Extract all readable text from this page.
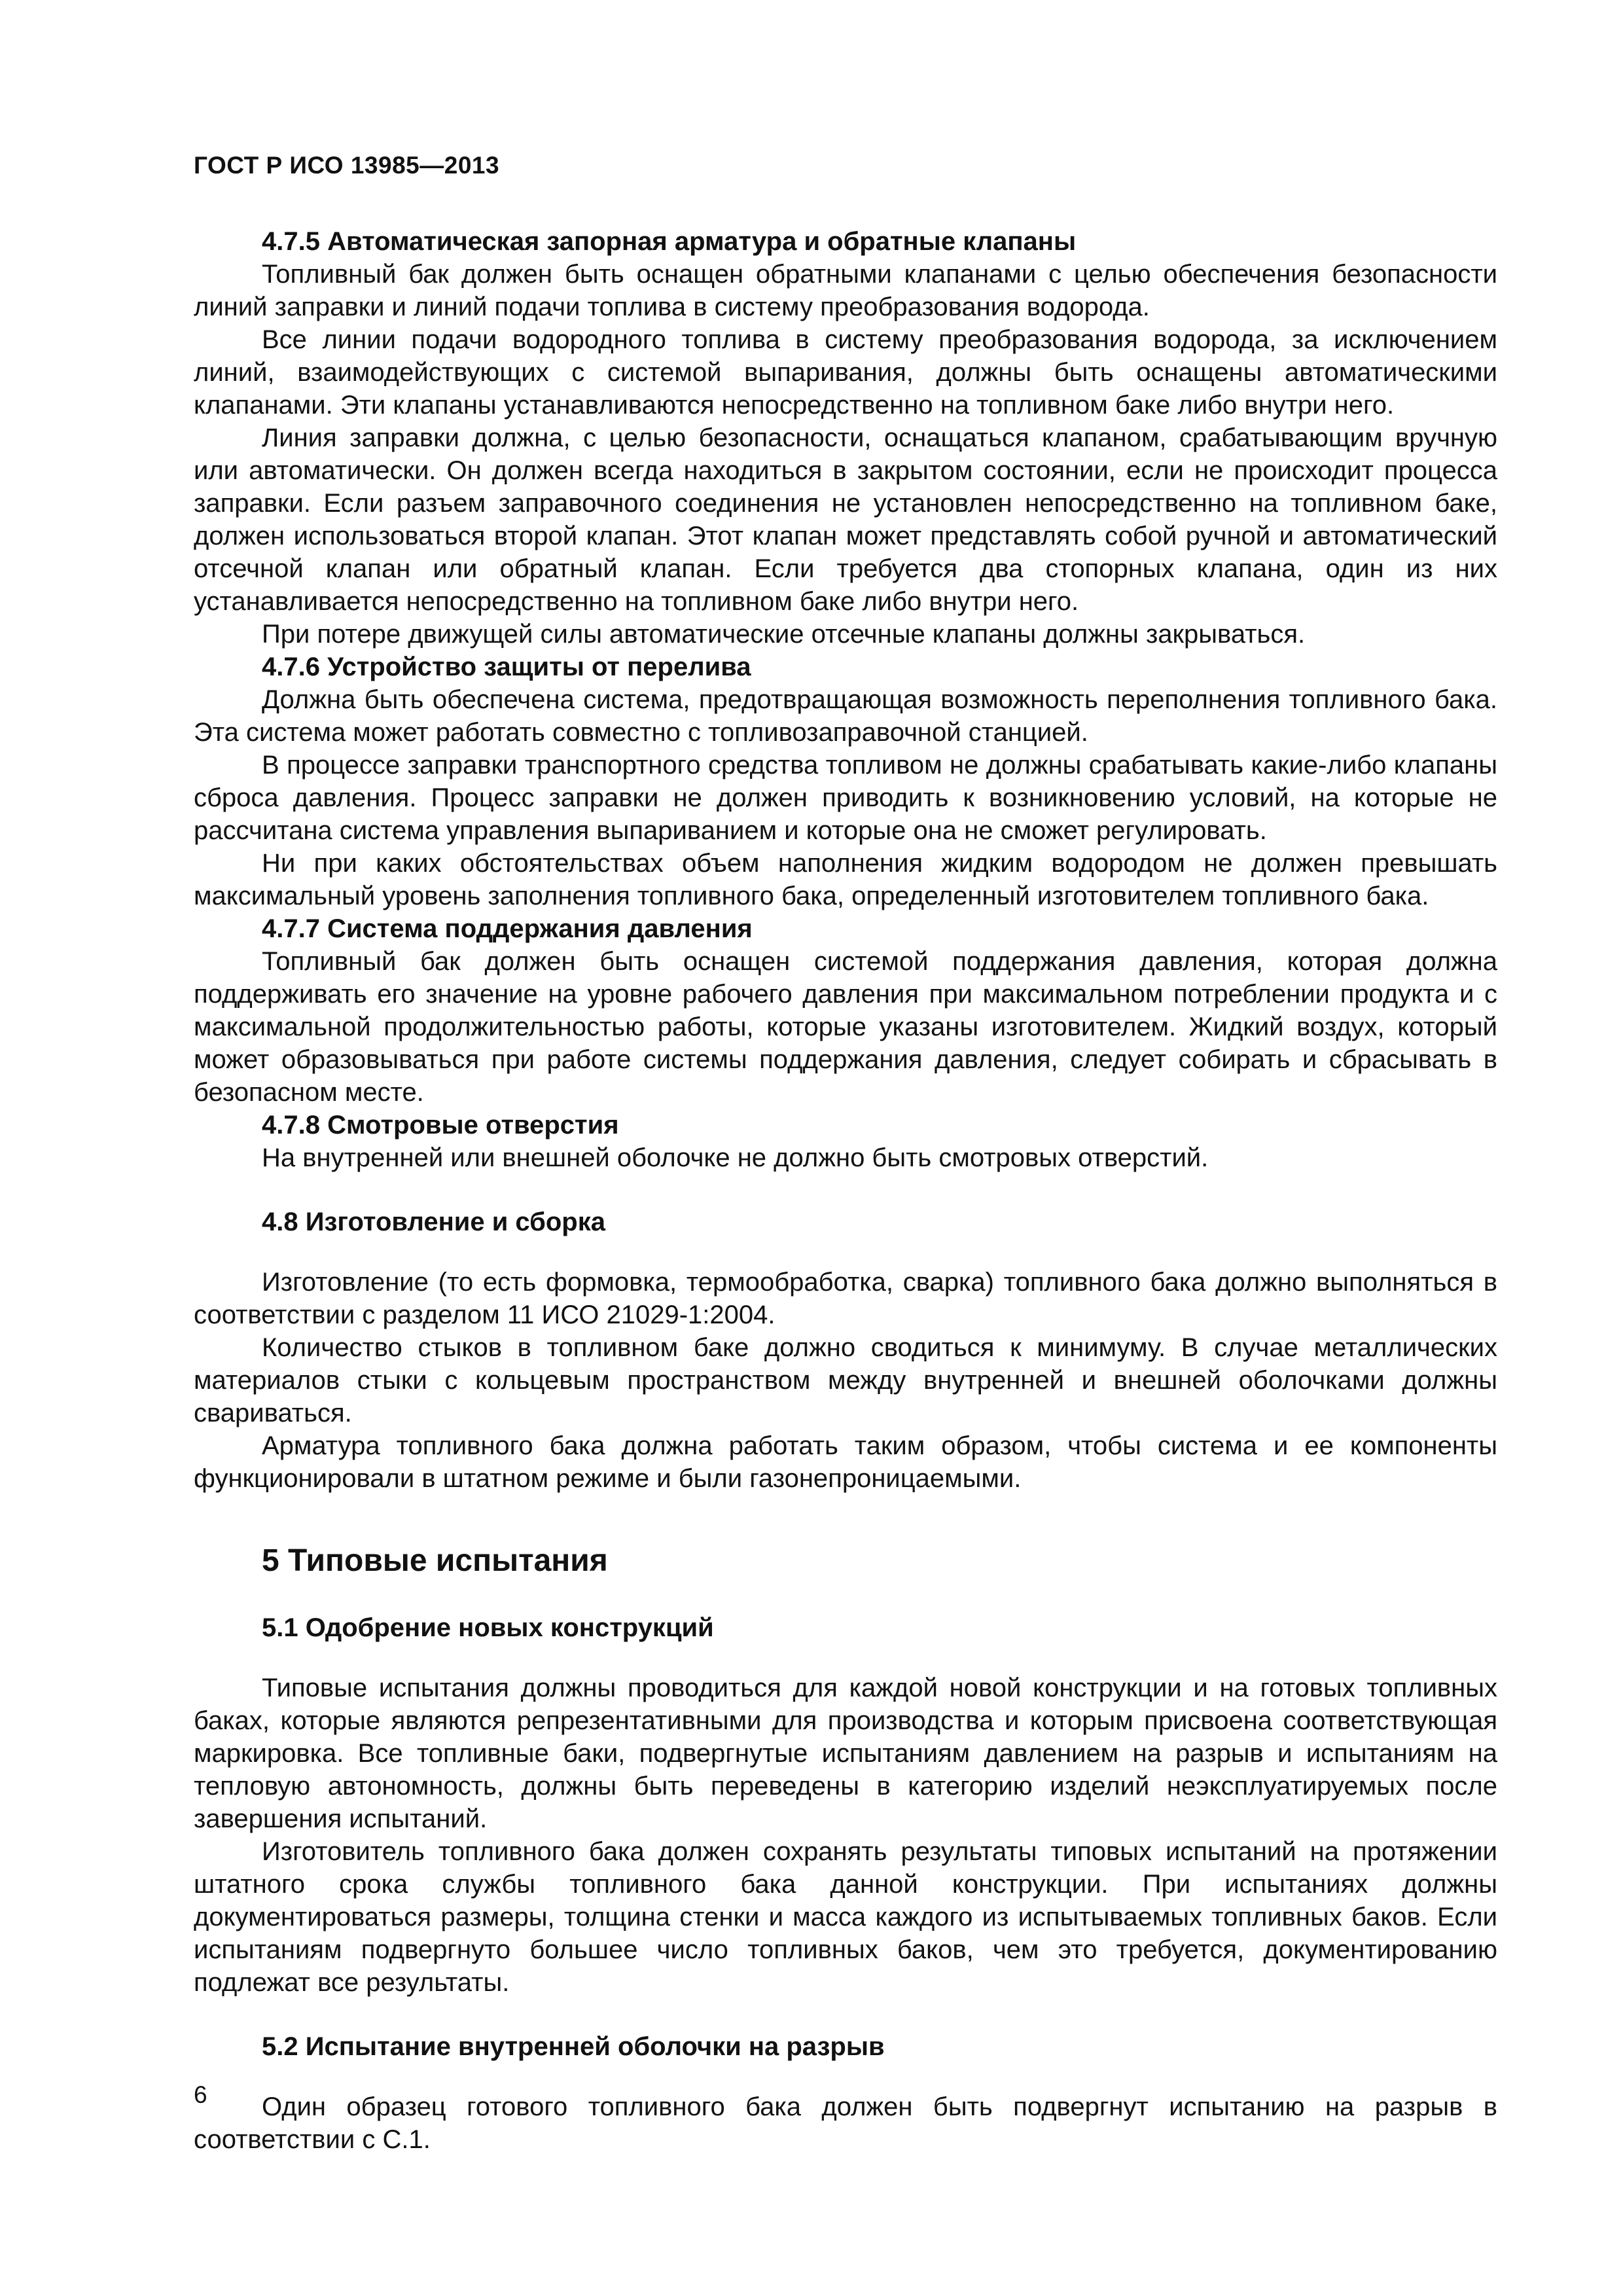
ГОСТ Р ИСО 13985—2013
4.7.5 Автоматическая запорная арматура и обратные клапаны

Топливный бак должен быть оснащен обратными клапанами с целью обеспечения безопасности линий заправки и линий подачи топлива в систему преобразования водорода.

Все линии подачи водородного топлива в систему преобразования водорода, за исключением линий, взаимодействующих с системой выпаривания, должны быть оснащены автоматическими клапанами. Эти клапаны устанавливаются непосредственно на топливном баке либо внутри него.

Линия заправки должна, с целью безопасности, оснащаться клапаном, срабатывающим вручную или автоматически. Он должен всегда находиться в закрытом состоянии, если не происходит процесса заправки. Если разъем заправочного соединения не установлен непосредственно на топливном баке, должен использоваться второй клапан. Этот клапан может представлять собой ручной и автоматический отсечной клапан или обратный клапан. Если требуется два стопорных клапана, один из них устанавливается непосредственно на топливном баке либо внутри него.

При потере движущей силы автоматические отсечные клапаны должны закрываться.

4.7.6 Устройство защиты от перелива

Должна быть обеспечена система, предотвращающая возможность переполнения топливного бака. Эта система может работать совместно с топливозаправочной станцией.

В процессе заправки транспортного средства топливом не должны срабатывать какие-либо клапаны сброса давления. Процесс заправки не должен приводить к возникновению условий, на которые не рассчитана система управления выпариванием и которые она не сможет регулировать.

Ни при каких обстоятельствах объем наполнения жидким водородом не должен превышать максимальный уровень заполнения топливного бака, определенный изготовителем топливного бака.

4.7.7 Система поддержания давления

Топливный бак должен быть оснащен системой поддержания давления, которая должна поддерживать его значение на уровне рабочего давления при максимальном потреблении продукта и с максимальной продолжительностью работы, которые указаны изготовителем. Жидкий воздух, который может образовываться при работе системы поддержания давления, следует собирать и сбрасывать в безопасном месте.

4.7.8 Смотровые отверстия

На внутренней или внешней оболочке не должно быть смотровых отверстий.

4.8 Изготовление и сборка

Изготовление (то есть формовка, термообработка, сварка) топливного бака должно выполняться в соответствии с разделом 11 ИСО 21029-1:2004.

Количество стыков в топливном баке должно сводиться к минимуму. В случае металлических материалов стыки с кольцевым пространством между внутренней и внешней оболочками должны свариваться.

Арматура топливного бака должна работать таким образом, чтобы система и ее компоненты функционировали в штатном режиме и были газонепроницаемыми.

5 Типовые испытания
5.1 Одобрение новых конструкций

Типовые испытания должны проводиться для каждой новой конструкции и на готовых топливных баках, которые являются репрезентативными для производства и которым присвоена соответствующая маркировка. Все топливные баки, подвергнутые испытаниям давлением на разрыв и испытаниям на тепловую автономность, должны быть переведены в категорию изделий неэксплуатируемых после завершения испытаний.

Изготовитель топливного бака должен сохранять результаты типовых испытаний на протяжении штатного срока службы топливного бака данной конструкции. При испытаниях должны документироваться размеры, толщина стенки и масса каждого из испытываемых топливных баков. Если испытаниям подвергнуто большее число топливных баков, чем это требуется, документированию подлежат все результаты.

5.2 Испытание внутренней оболочки на разрыв

Один образец готового топливного бака должен быть подвергнут испытанию на разрыв в соответствии с С.1.

6
